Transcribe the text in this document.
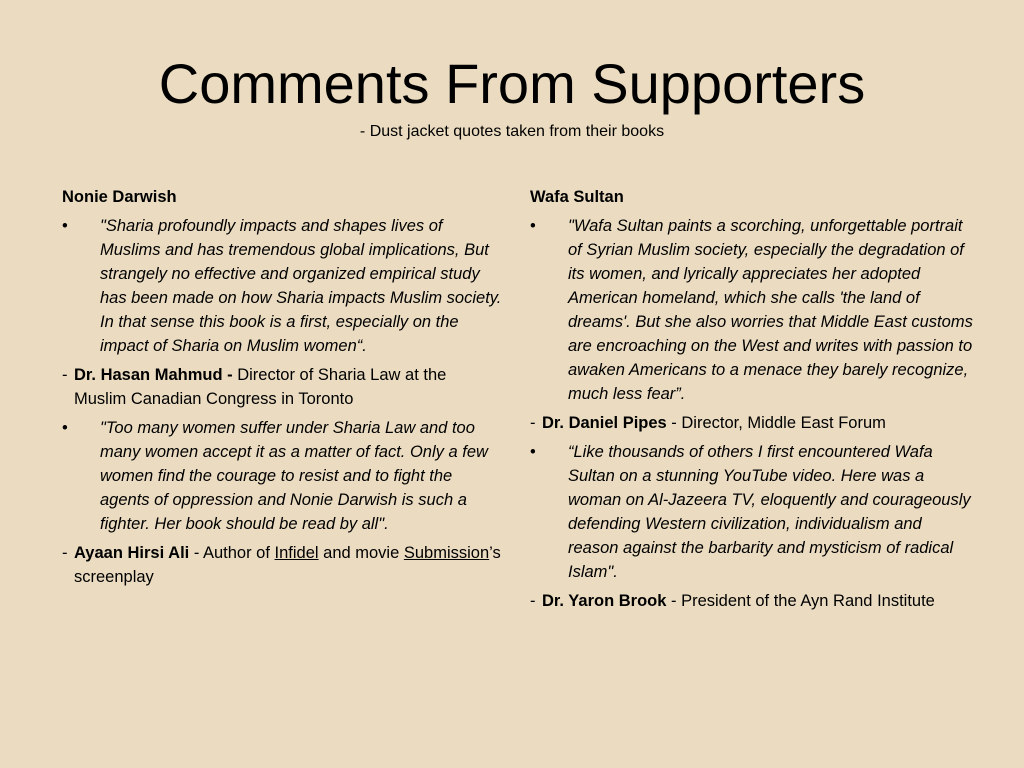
Comments From Supporters
- Dust jacket quotes taken from their books
Nonie Darwish
• "Sharia profoundly impacts and shapes lives of Muslims and has tremendous global implications, But strangely no effective and organized empirical study has been made on how Sharia impacts Muslim society. In that sense this book is a first, especially on the impact of Sharia on Muslim women“.
- Dr. Hasan Mahmud - Director of Sharia Law at the Muslim Canadian Congress in Toronto
• "Too many women suffer under Sharia Law and too many women accept it as a matter of fact. Only a few women find the courage to resist and to fight the agents of oppression and Nonie Darwish is such a fighter. Her book should be read by all".
- Ayaan Hirsi Ali - Author of Infidel and movie Submission’s screenplay
Wafa Sultan
• "Wafa Sultan paints a scorching, unforgettable portrait of Syrian Muslim society, especially the degradation of its women, and lyrically appreciates her adopted American homeland, which she calls 'the land of dreams'. But she also worries that Middle East customs are encroaching on the West and writes with passion to awaken Americans to a menace they barely recognize, much less fear”.
- Dr. Daniel Pipes - Director, Middle East Forum
• “Like thousands of others I first encountered Wafa Sultan on a stunning YouTube video. Here was a woman on Al-Jazeera TV, eloquently and courageously defending Western civilization, individualism and reason against the barbarity and mysticism of radical Islam".
- Dr. Yaron Brook - President of the Ayn Rand Institute
